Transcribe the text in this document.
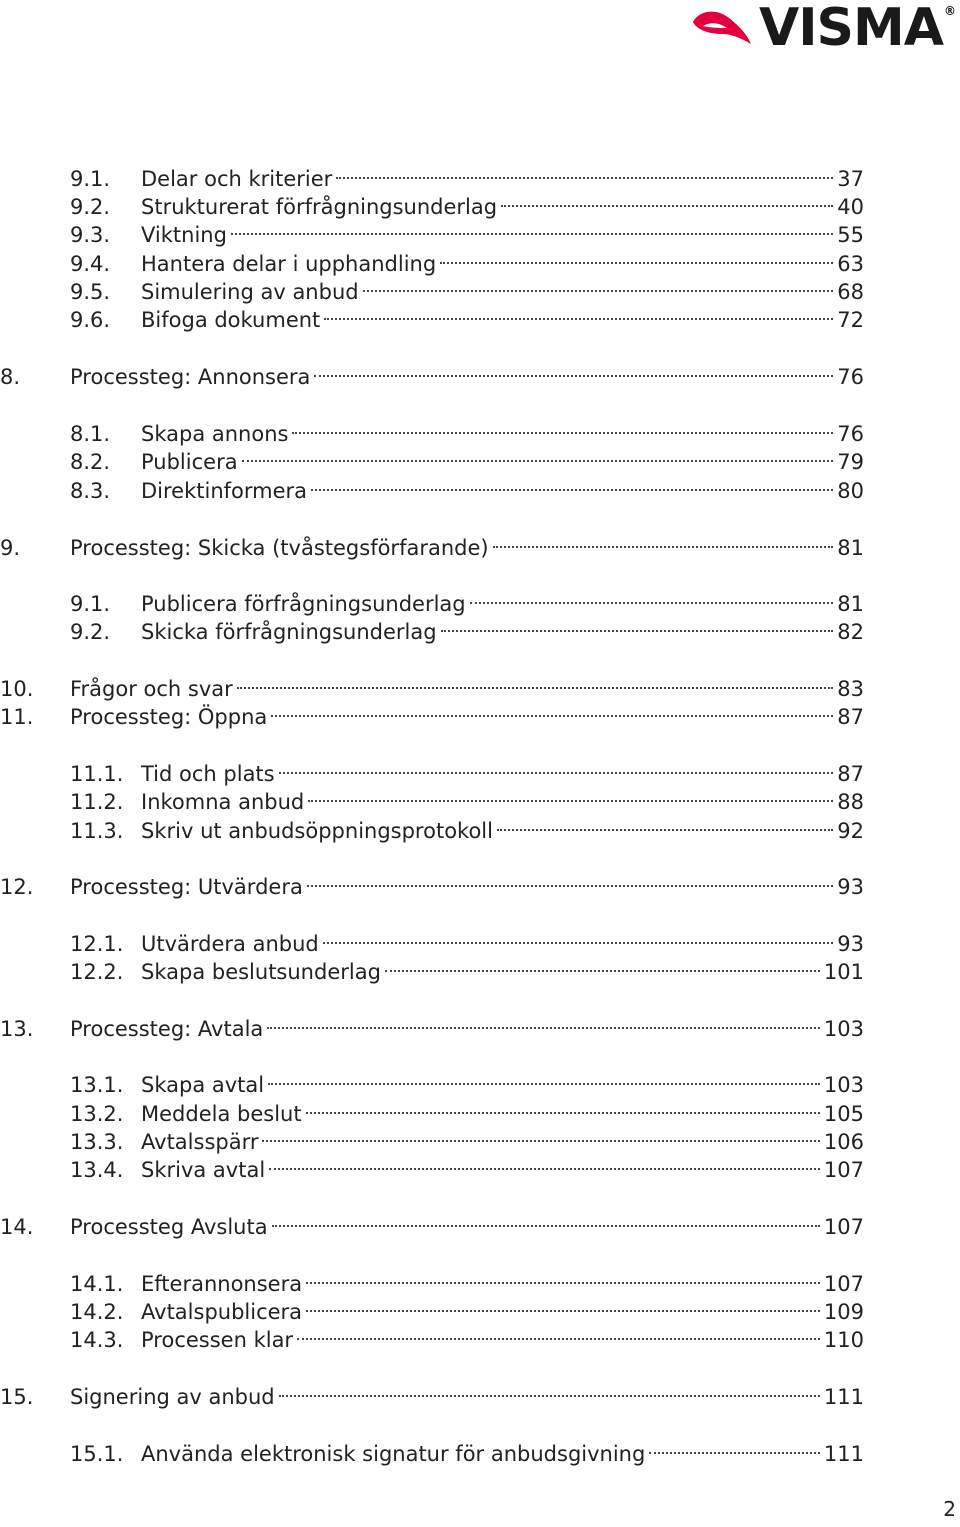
VISMA ®
9.1.	Delar och kriterier	37
9.2.	Strukturerat förfrågningsunderlag	40
9.3.	Viktning	55
9.4.	Hantera delar i upphandling	63
9.5.	Simulering av anbud	68
9.6.	Bifoga dokument	72
8.	Processteg: Annonsera	76
8.1.	Skapa annons	76
8.2.	Publicera	79
8.3.	Direktinformera	80
9.	Processteg: Skicka (tvåstegsförfarande)	81
9.1.	Publicera förfrågningsunderlag	81
9.2.	Skicka förfrågningsunderlag	82
10.	Frågor och svar	83
11.	Processteg: Öppna	87
11.1. Tid och plats	87
11.2. Inkomna anbud	88
11.3. Skriv ut anbudsöppningsprotokoll	92
12.	Processteg: Utvärdera	93
12.1. Utvärdera anbud	93
12.2. Skapa beslutsunderlag	101
13.	Processteg: Avtala	103
13.1. Skapa avtal	103
13.2. Meddela beslut	105
13.3. Avtalsspärr	106
13.4. Skriva avtal	107
14.	Processteg Avsluta	107
14.1. Efterannonsera	107
14.2. Avtalspublicera	109
14.3. Processen klar	110
15.	Signering av anbud	111
15.1. Använda elektronisk signatur för anbudsgivning	111
2
